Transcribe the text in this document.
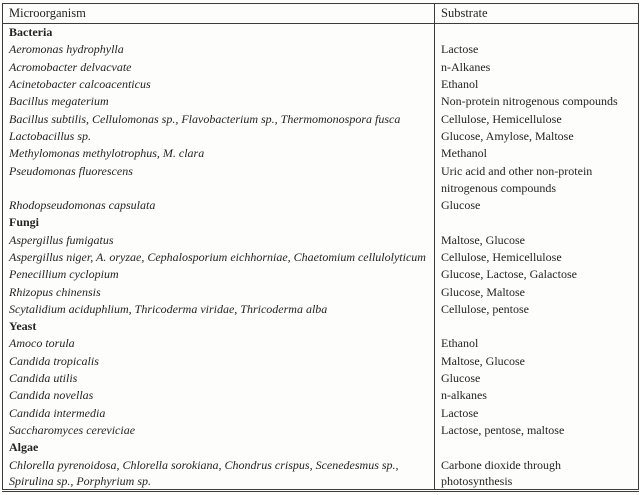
Microorganism	Substrate
Bacteria	
Aeromonas hydrophylla	Lactose
Acromobacter delvacvate	n-Alkanes
Acinetobacter calcoacenticus	Ethanol
Bacillus megaterium	Non-protein nitrogenous compounds
Bacillus subtilis, Cellulomonas sp., Flavobacterium sp., Thermomonospora fusca	Cellulose, Hemicellulose
Lactobacillus sp.	Glucose, Amylose, Maltose
Methylomonas methylotrophus, M. clara	Methanol
Pseudomonas fluorescens	Uric acid and other non-protein
	nitrogenous compounds
Rhodopseudomonas capsulata	Glucose
Fungi	
Aspergillus fumigatus	Maltose, Glucose
Aspergillus niger, A. oryzae, Cephalosporium eichhorniae, Chaetomium cellulolyticum	Cellulose, Hemicellulose
Penecillium cyclopium	Glucose, Lactose, Galactose
Rhizopus chinensis	Glucose, Maltose
Scytalidium aciduphlium, Thricoderma viridae, Thricoderma alba	Cellulose, pentose
Yeast	
Amoco torula	Ethanol
Candida tropicalis	Maltose, Glucose
Candida utilis	Glucose
Candida novellas	n-alkanes
Candida intermedia	Lactose
Saccharomyces cereviciae	Lactose, pentose, maltose
Algae	
Chlorella pyrenoidosa, Chlorella sorokiana, Chondrus crispus, Scenedesmus sp.,	Carbone dioxide through
Spirulina sp., Porphyrium sp.	photosynthesis
